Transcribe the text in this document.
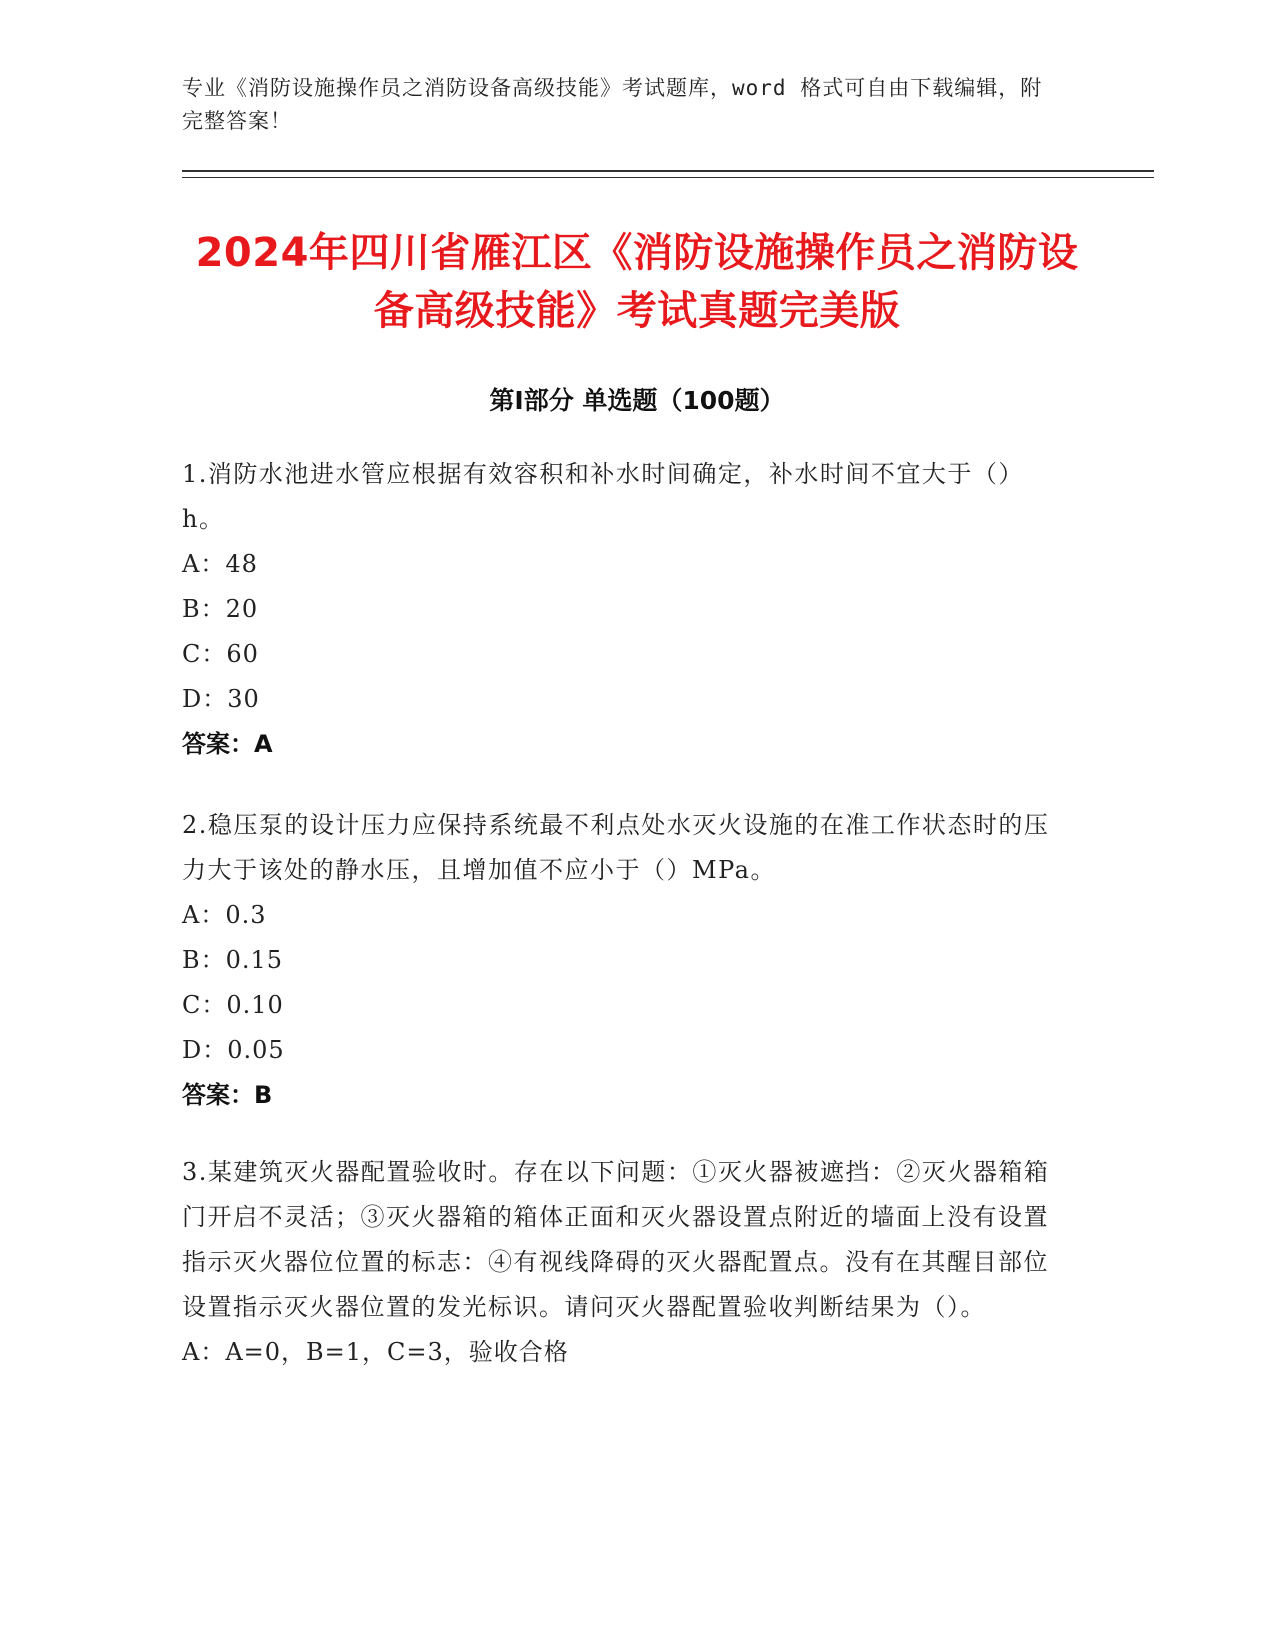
专业《消防设施操作员之消防设备高级技能》考试题库，word 格式可自由下载编辑，附完整答案！
2024年四川省雁江区《消防设施操作员之消防设备高级技能》考试真题完美版
第Ⅰ部分 单选题（100题）
1.消防水池进水管应根据有效容积和补水时间确定，补水时间不宜大于（）h。
A：48
B：20
C：60
D：30
答案：A
2.稳压泵的设计压力应保持系统最不利点处水灭火设施的在准工作状态时的压力大于该处的静水压，且增加值不应小于（）MPa。
A：0.3
B：0.15
C：0.10
D：0.05
答案：B
3.某建筑灭火器配置验收时。存在以下问题：①灭火器被遮挡：②灭火器箱箱门开启不灵活；③灭火器箱的箱体正面和灭火器设置点附近的墙面上没有设置指示灭火器位位置的标志：④有视线降碍的灭火器配置点。没有在其醒目部位设置指示灭火器位置的发光标识。请问灭火器配置验收判断结果为（）。
A：A=0，B=1，C=3，验收合格
